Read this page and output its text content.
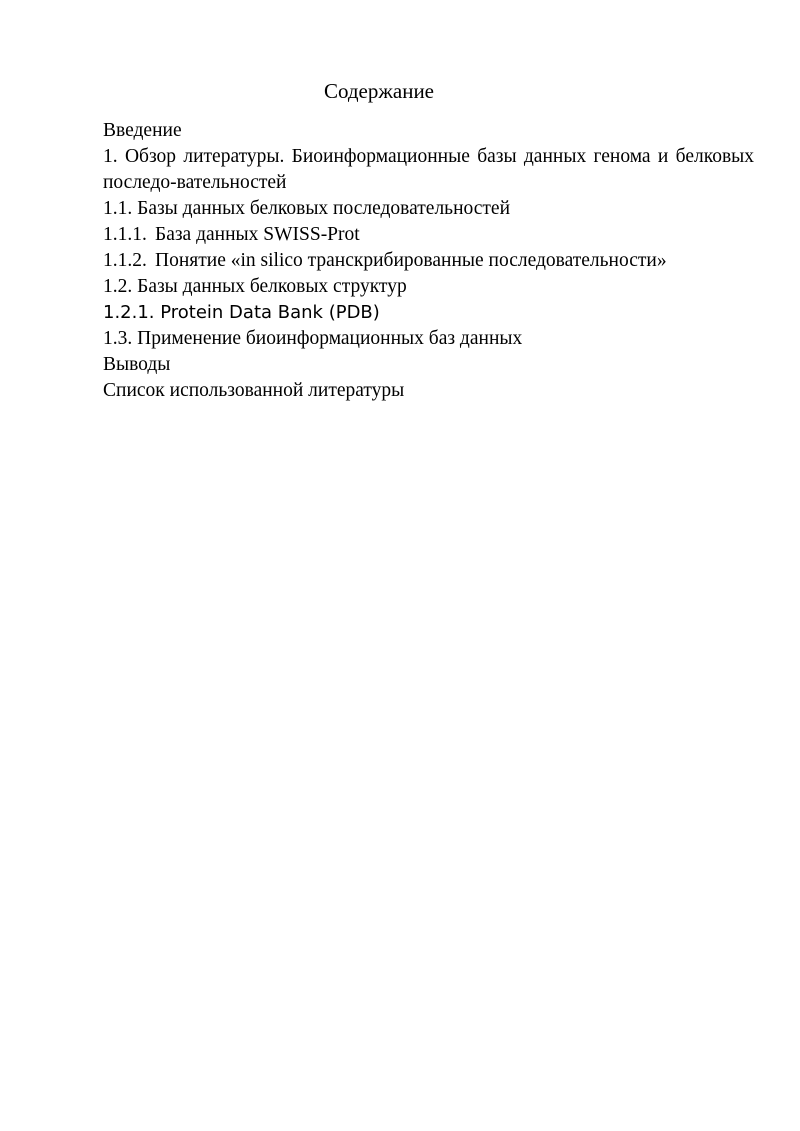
Содержание
Введение
1. Обзор литературы. Биоинформационные базы данных генома и белковых последо-вательностей
1.1. Базы данных белковых последовательностей
1.1.1. База данных SWISS-Prot
1.1.2. Понятие «in silico транскрибированные последовательности»
1.2. Базы данных белковых структур
1.2.1. Protein Data Bank (PDB)
1.3. Применение биоинформационных баз данных
Выводы
Список использованной литературы
